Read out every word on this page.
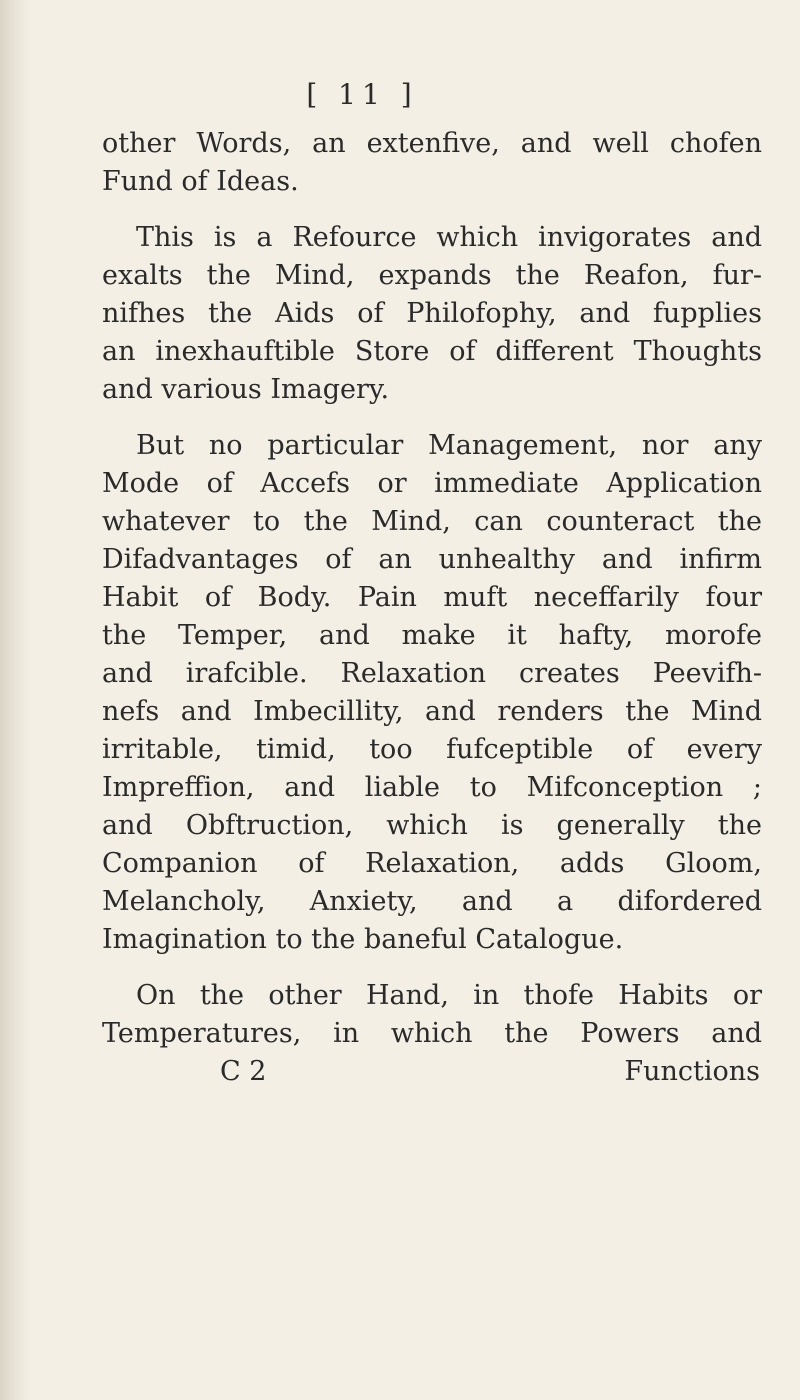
[ 11 ]
other Words, an extenfive, and well chofen
Fund of Ideas.
This is a Refource which invigorates and
exalts the Mind, expands the Reafon, fur-
nifhes the Aids of Philofophy, and fupplies
an inexhauftible Store of different Thoughts
and various Imagery.
But no particular Management, nor any
Mode of Accefs or immediate Application
whatever to the Mind, can counteract the
Difadvantages of an unhealthy and infirm
Habit of Body. Pain muft neceffarily four
the Temper, and make it hafty, morofe
and irafcible. Relaxation creates Peevifh-
nefs and Imbecillity, and renders the Mind
irritable, timid, too fufceptible of every
Impreffion, and liable to Mifconception ;
and Obftruction, which is generally the
Companion of Relaxation, adds Gloom,
Melancholy, Anxiety, and a difordered
Imagination to the baneful Catalogue.
On the other Hand, in thofe Habits or
Temperatures, in which the Powers and
C 2	Functions
